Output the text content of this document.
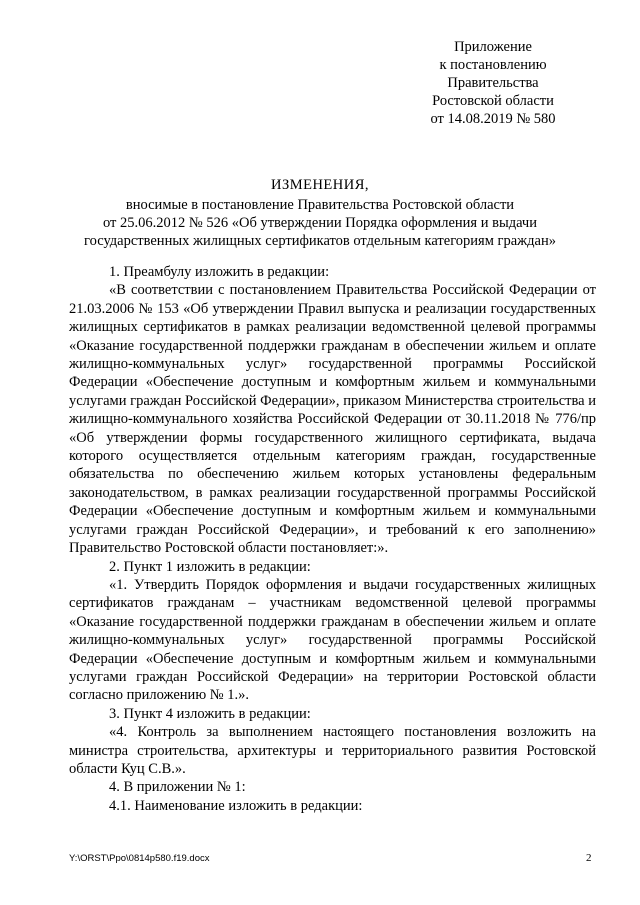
Приложение
к постановлению
Правительства
Ростовской области
от 14.08.2019 № 580
ИЗМЕНЕНИЯ,
вносимые в постановление Правительства Ростовской области
от 25.06.2012 № 526 «Об утверждении Порядка оформления и выдачи
государственных жилищных сертификатов отдельным категориям граждан»

1. Преамбулу изложить в редакции:

«В соответствии с постановлением Правительства Российской Федерации от 21.03.2006 № 153 «Об утверждении Правил выпуска и реализации государственных жилищных сертификатов в рамках реализации ведомственной целевой программы «Оказание государственной поддержки гражданам в обеспечении жильем и оплате жилищно-коммунальных услуг» государственной программы Российской Федерации «Обеспечение доступным и комфортным жильем и коммунальными услугами граждан Российской Федерации», приказом Министерства строительства и жилищно-коммунального хозяйства Российской Федерации от 30.11.2018 № 776/пр «Об утверждении формы государственного жилищного сертификата, выдача которого осуществляется отдельным категориям граждан, государственные обязательства по обеспечению жильем которых установлены федеральным законодательством, в рамках реализации государственной программы Российской Федерации «Обеспечение доступным и комфортным жильем и коммунальными услугами граждан Российской Федерации», и требований к его заполнению» Правительство Ростовской области постановляет:».

2. Пункт 1 изложить в редакции:

«1. Утвердить Порядок оформления и выдачи государственных жилищных сертификатов гражданам – участникам ведомственной целевой программы «Оказание государственной поддержки гражданам в обеспечении жильем и оплате жилищно-коммунальных услуг» государственной программы Российской Федерации «Обеспечение доступным и комфортным жильем и коммунальными услугами граждан Российской Федерации» на территории Ростовской области согласно приложению № 1.».

3. Пункт 4 изложить в редакции:

«4. Контроль за выполнением настоящего постановления возложить на министра строительства, архитектуры и территориального развития Ростовской области Куц С.В.».

4. В приложении № 1:

4.1. Наименование изложить в редакции:

Y:\ORST\Ppo\0814p580.f19.docx	2
